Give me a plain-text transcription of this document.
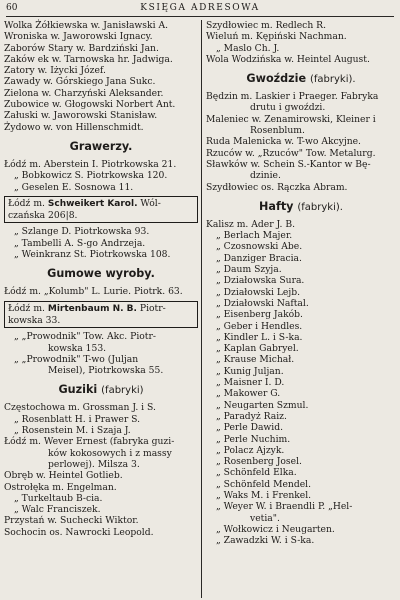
60	KSIĘGA ADRESOWA
Wolka Żółkiewska w. Janisławski A.
Wroniska w. Jaworowski Ignacy.
Zaborów Stary w. Bardziński Jan.
Zaków ek w. Tarnowska hr. Jadwiga.
Zatory w. Iżycki Józef.
Zawady w. Górskiego Jana Sukc.
Zielona w. Charzyński Aleksander.
Zubowice w. Głogowski Norbert Ant.
Załuski w. Jaworowski Stanisław.
Żydowo w. von Hillenschmidt.
Grawerzy.
Łódź m. Aberstein I. Piotrkowska 21.
„ Bobkowicz S. Piotrkowska 120.
„ Geselen E. Sosnowa 11.
Łódź m. Schweikert Karol. Wól-
czańska 206|8.
„ Szlange D. Piotrkowska 93.
„ Tambelli A. S-go Andrzeja.
„ Weinkranz St. Piotrkowska 108.
Gumowe wyroby.
Łódź m. „Kolumb" L. Lurie. Piotrk. 63.
Łódź m. Mirtenbaum N. B. Piotr-
kowska 33.
„ „Prowodnik" Tow. Akc. Piotr-
kowska 153.
„ „Prowodnik" T-wo (Juljan
Meisel), Piotrkowska 55.
Guziki (fabryki)
Częstochowa m. Grossman J. i S.
„ Rosenblatt H. i Prawer S.
„ Rosenstein M. i Szaja J.
Łódź m. Wever Ernest (fabryka guzi-
ków kokosowych i z massy
perlowej). Milsza 3.
Obręb w. Heintel Gotlieb.
Ostrołęka m. Engelman.
„ Turkeltaub B-cia.
„ Walc Franciszek.
Przystań w. Suchecki Wiktor.
Sochocin os. Nawrocki Leopold.
Szydłowiec m. Redlech R.
Wieluń m. Kępiński Nachman.
„ Maslo Ch. J.
Wola Wodzińska w. Heintel August.
Gwoździe (fabryki).
Będzin m. Laskier i Praeger. Fabryka
drutu i gwoździ.
Maleniec w. Zenamirowski, Kleiner i
Rosenblum.
Ruda Malenicka w. T-wo Akcyjne.
Rzuców w. „Rzuców" Tow. Metalurg.
Sławków w. Schein S.-Kantor w Bę-
dzinie.
Szydłowiec os. Rączka Abram.
Hafty (fabryki).
Kalisz m. Ader J. B.
„ Berlach Majer.
„ Czosnowski Abe.
„ Danziger Bracia.
„ Daum Szyja.
„ Działowska Sura.
„ Działowski Lejb.
„ Działowski Naftal.
„ Eisenberg Jakób.
„ Geber i Hendles.
„ Kindler L. i S-ka.
„ Kaplan Gabryel.
„ Krause Michał.
„ Kunig Juljan.
„ Maisner I. D.
„ Makower G.
„ Neugarten Szmul.
„ Paradyż Raiz.
„ Perle Dawid.
„ Perle Nuchim.
„ Polacz Ajzyk.
„ Rosenberg Josel.
„ Schönfeld Elka.
„ Schönfeld Mendel.
„ Waks M. i Frenkel.
„ Weyer W. i Braendli P. „Hel-
vetia".
„ Wołkowicz i Neugarten.
„ Zawadzki W. i S-ka.
